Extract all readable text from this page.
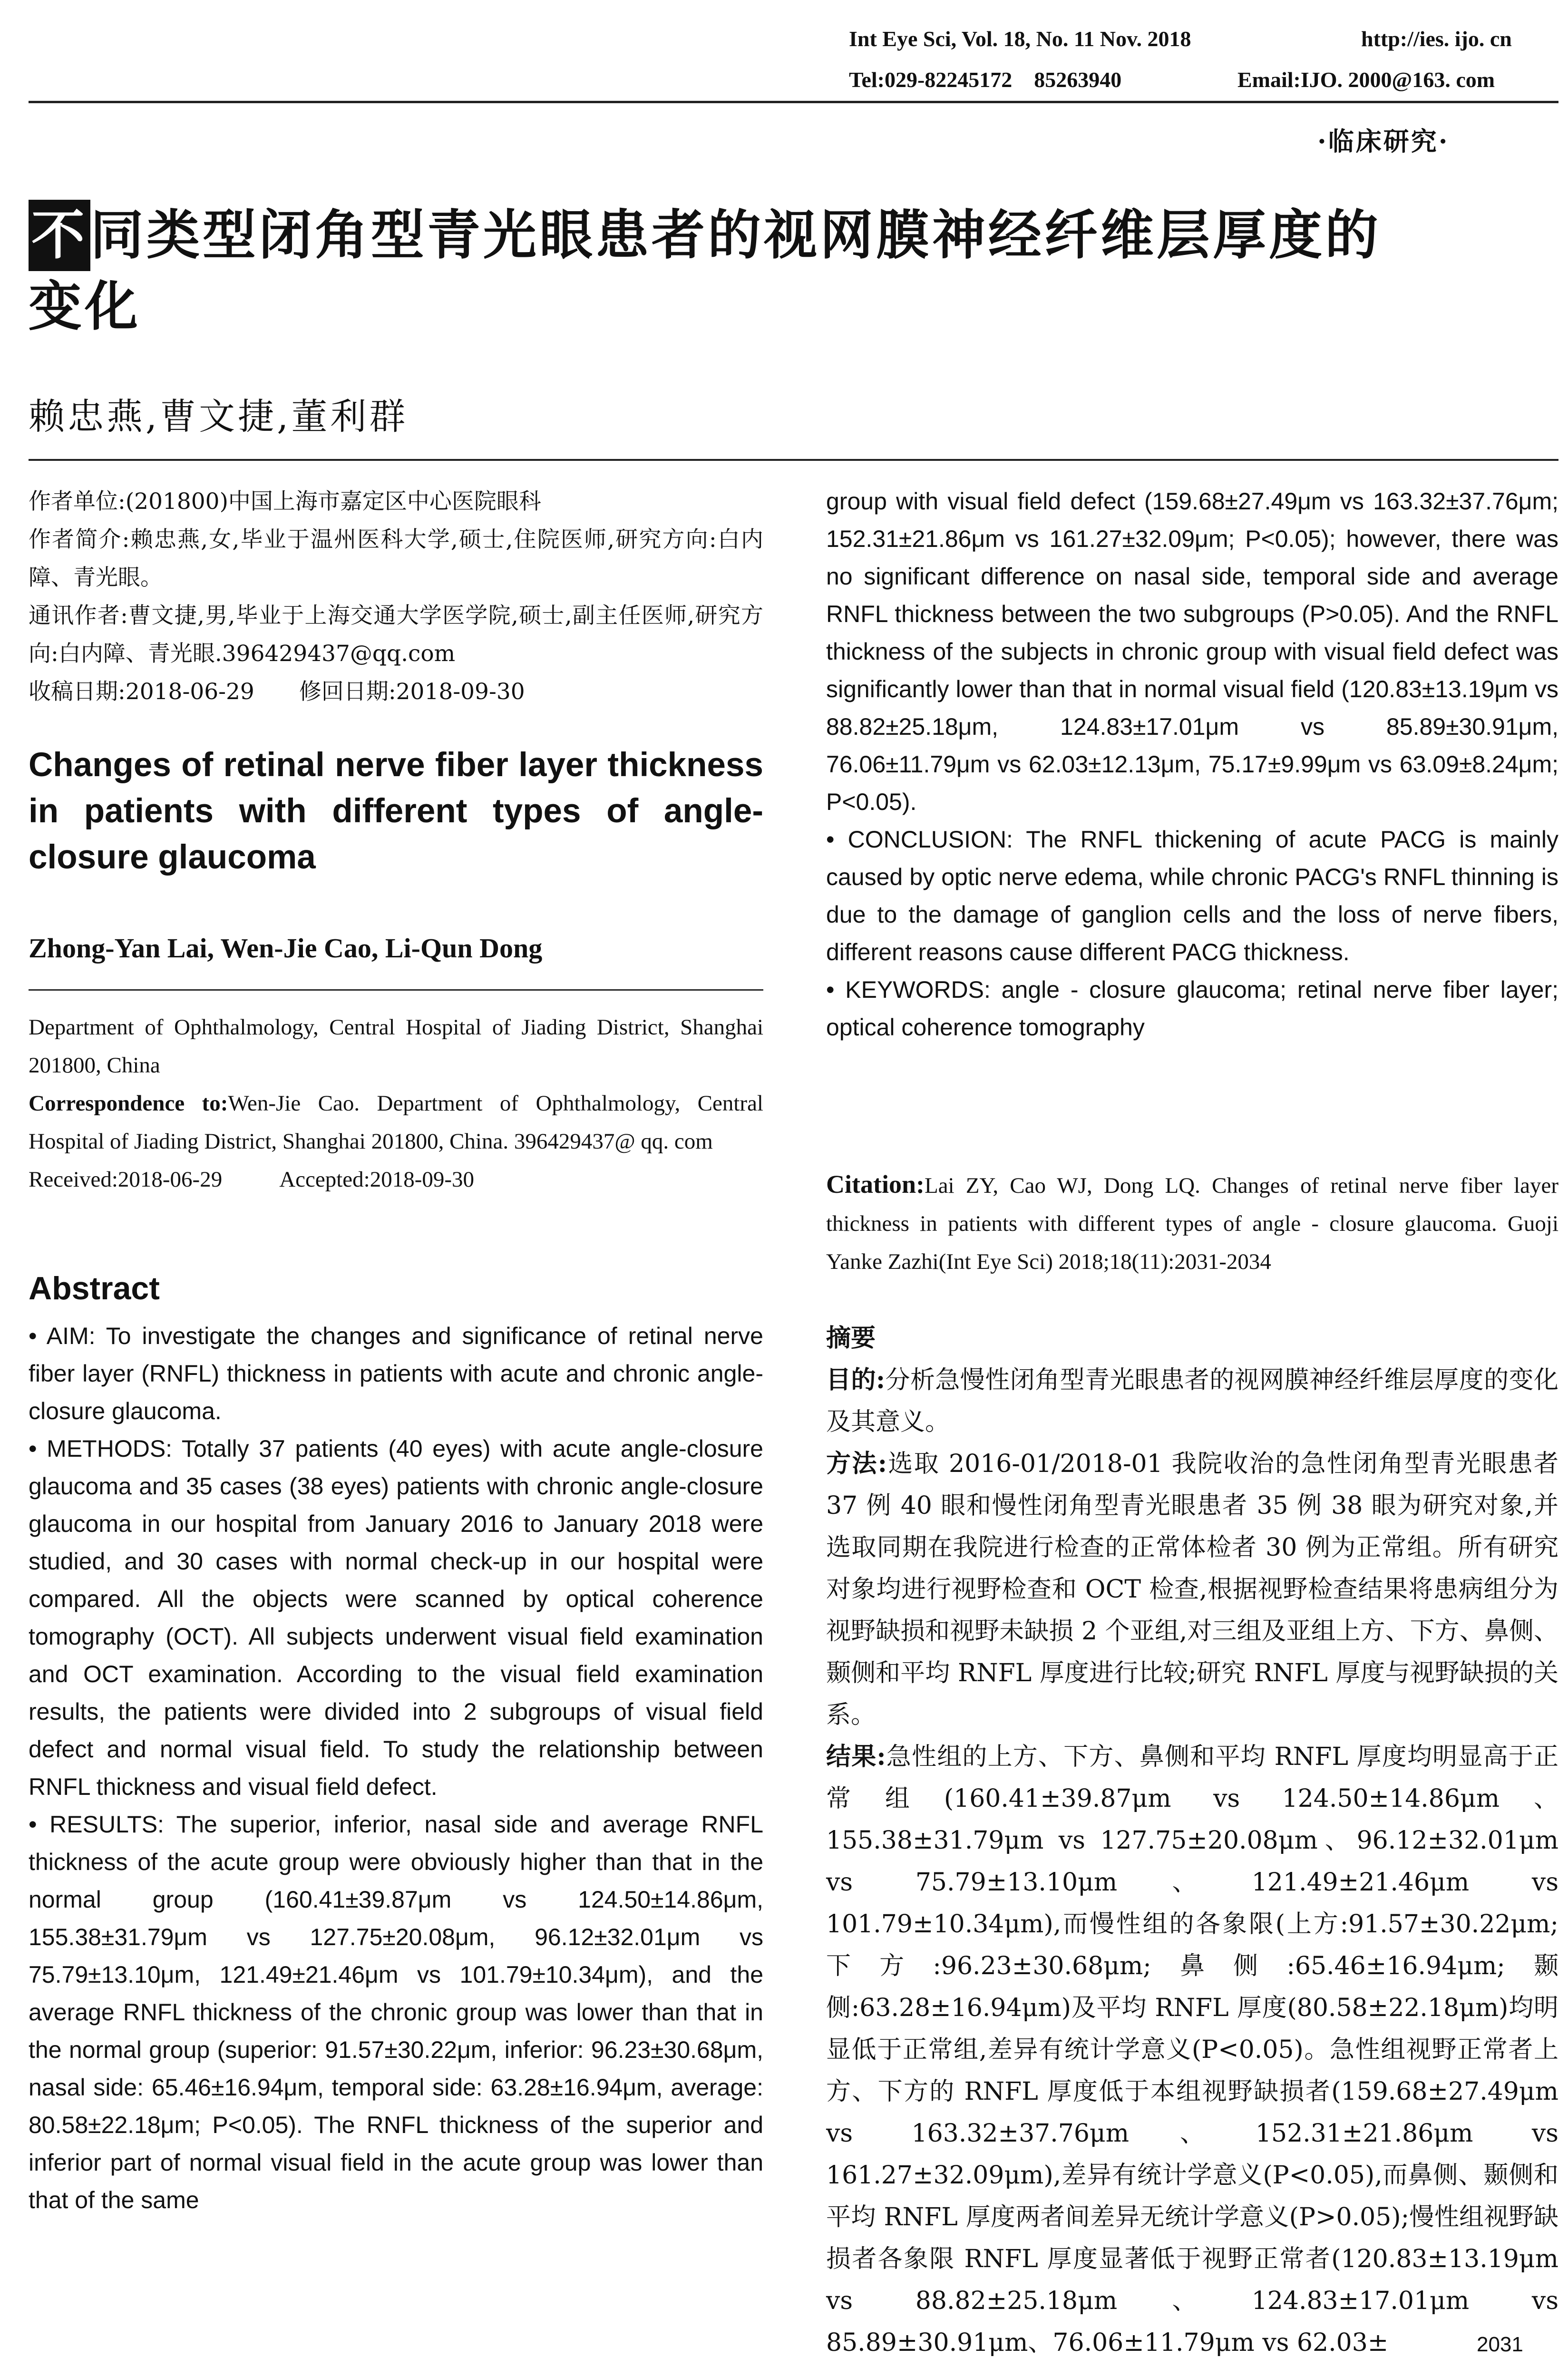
Int Eye Sci, Vol. 18, No. 11 Nov. 2018	http://ies. ijo. cn
Tel:029-82245172    85263940	Email:IJO. 2000@163. com
·临床研究·
不同类型闭角型青光眼患者的视网膜神经纤维层厚度的
变化
赖忠燕,曹文捷,董利群

作者单位:(201800)中国上海市嘉定区中心医院眼科

作者简介:赖忠燕,女,毕业于温州医科大学,硕士,住院医师,研究方向:白内障、青光眼。

通讯作者:曹文捷,男,毕业于上海交通大学医学院,硕士,副主任医师,研究方向:白内障、青光眼.396429437@qq.com

收稿日期:2018-06-29　　修回日期:2018-09-30

Changes of retinal nerve fiber layer thickness in patients with different types of angle-closure glaucoma
Zhong-Yan Lai, Wen-Jie Cao, Li-Qun Dong

Department of Ophthalmology, Central Hospital of Jiading District, Shanghai 201800, China

Correspondence to:Wen-Jie Cao. Department of Ophthalmology, Central Hospital of Jiading District, Shanghai 201800, China. 396429437@ qq. com

Received:2018-06-29	Accepted:2018-09-30

Abstract

• AIM: To investigate the changes and significance of retinal nerve fiber layer (RNFL) thickness in patients with acute and chronic angle-closure glaucoma.

• METHODS: Totally 37 patients (40 eyes) with acute angle-closure glaucoma and 35 cases (38 eyes) patients with chronic angle-closure glaucoma in our hospital from January 2016 to January 2018 were studied, and 30 cases with normal check-up in our hospital were compared. All the objects were scanned by optical coherence tomography (OCT). All subjects underwent visual field examination and OCT examination. According to the visual field examination results, the patients were divided into 2 subgroups of visual field defect and normal visual field. To study the relationship between RNFL thickness and visual field defect.

• RESULTS: The superior, inferior, nasal side and average RNFL thickness of the acute group were obviously higher than that in the normal group (160.41±39.87μm vs 124.50±14.86μm, 155.38±31.79μm vs 127.75±20.08μm, 96.12±32.01μm vs 75.79±13.10μm, 121.49±21.46μm vs 101.79±10.34μm), and the average RNFL thickness of the chronic group was lower than that in the normal group (superior: 91.57±30.22μm, inferior: 96.23±30.68μm, nasal side: 65.46±16.94μm, temporal side: 63.28±16.94μm, average: 80.58±22.18μm; P<0.05). The RNFL thickness of the superior and inferior part of normal visual field in the acute group was lower than that of the same

group with visual field defect (159.68±27.49μm vs 163.32±37.76μm; 152.31±21.86μm vs 161.27±32.09μm; P<0.05); however, there was no significant difference on nasal side, temporal side and average RNFL thickness between the two subgroups (P>0.05). And the RNFL thickness of the subjects in chronic group with visual field defect was significantly lower than that in normal visual field (120.83±13.19μm vs 88.82±25.18μm, 124.83±17.01μm vs 85.89±30.91μm, 76.06±11.79μm vs 62.03±12.13μm, 75.17±9.99μm vs 63.09±8.24μm; P<0.05).

• CONCLUSION: The RNFL thickening of acute PACG is mainly caused by optic nerve edema, while chronic PACG's RNFL thinning is due to the damage of ganglion cells and the loss of nerve fibers, different reasons cause different PACG thickness.

• KEYWORDS: angle - closure glaucoma; retinal nerve fiber layer; optical coherence tomography

Citation:Lai ZY, Cao WJ, Dong LQ. Changes of retinal nerve fiber layer thickness in patients with different types of angle - closure glaucoma. Guoji Yanke Zazhi(Int Eye Sci) 2018;18(11):2031-2034

摘要

目的:分析急慢性闭角型青光眼患者的视网膜神经纤维层厚度的变化及其意义。

方法:选取 2016-01/2018-01 我院收治的急性闭角型青光眼患者 37 例 40 眼和慢性闭角型青光眼患者 35 例 38 眼为研究对象,并选取同期在我院进行检查的正常体检者 30 例为正常组。所有研究对象均进行视野检查和 OCT 检查,根据视野检查结果将患病组分为视野缺损和视野未缺损 2 个亚组,对三组及亚组上方、下方、鼻侧、颞侧和平均 RNFL 厚度进行比较;研究 RNFL 厚度与视野缺损的关系。

结果:急性组的上方、下方、鼻侧和平均 RNFL 厚度均明显高于正常组(160.41±39.87μm vs 124.50±14.86μm、155.38±31.79μm vs 127.75±20.08μm、96.12±32.01μm vs 75.79±13.10μm、121.49±21.46μm vs 101.79±10.34μm),而慢性组的各象限(上方:91.57±30.22μm;下方:96.23±30.68μm;鼻侧:65.46±16.94μm;颞侧:63.28±16.94μm)及平均 RNFL 厚度(80.58±22.18μm)均明显低于正常组,差异有统计学意义(P<0.05)。急性组视野正常者上方、下方的 RNFL 厚度低于本组视野缺损者(159.68±27.49μm vs 163.32±37.76μm、152.31±21.86μm vs 161.27±32.09μm),差异有统计学意义(P<0.05),而鼻侧、颞侧和平均 RNFL 厚度两者间差异无统计学意义(P>0.05);慢性组视野缺损者各象限 RNFL 厚度显著低于视野正常者(120.83±13.19μm vs 88.82±25.18μm、124.83±17.01μm vs 85.89±30.91μm、76.06±11.79μm vs 62.03±	2031
